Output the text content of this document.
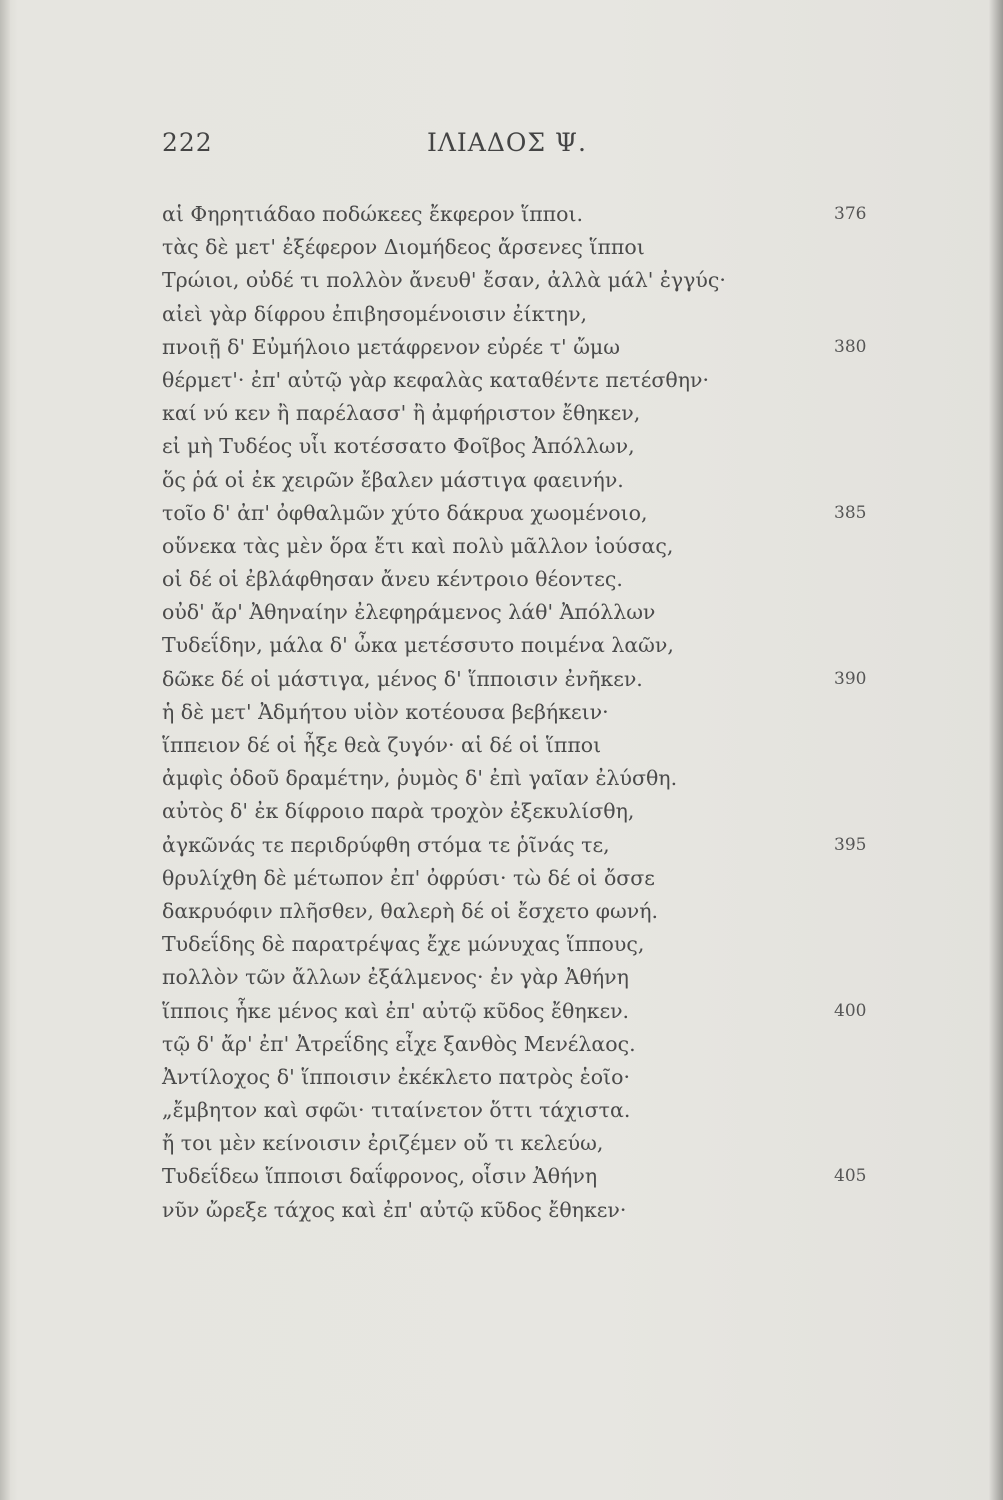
222	ΙΛΙΑΔΟΣ Ψ.
αἱ Φηρητιάδαο ποδώκεες ἔκφερον ἵπποι.	376
τὰς δὲ μετ' ἐξέφερον Διομήδεος ἄρσενες ἵπποι
Τρώιοι, οὐδέ τι πολλὸν ἄνευθ' ἔσαν, ἀλλὰ μάλ' ἐγγύς·
αἰεὶ γὰρ δίφρου ἐπιβησομένοισιν ἐίκτην,
πνοιῇ δ' Εὐμήλοιο μετάφρενον εὐρέε τ' ὤμω	380
θέρμετ'· ἐπ' αὐτῷ γὰρ κεφαλὰς καταθέντε πετέσθην·
καί νύ κεν ἢ παρέλασσ' ἢ ἀμφήριστον ἔθηκεν,
εἰ μὴ Τυδέος υἷι κοτέσσατο Φοῖβος Ἀπόλλων,
ὅς ῥά οἱ ἐκ χειρῶν ἔβαλεν μάστιγα φαεινήν.
τοῖο δ' ἀπ' ὀφθαλμῶν χύτο δάκρυα χωομένοιο,	385
οὕνεκα τὰς μὲν ὅρα ἔτι καὶ πολὺ μᾶλλον ἰούσας,
οἱ δέ οἱ ἐβλάφθησαν ἄνευ κέντροιο θέοντες.
οὐδ' ἄρ' Ἀθηναίην ἐλεφηράμενος λάθ' Ἀπόλλων
Τυδεΐδην, μάλα δ' ὦκα μετέσσυτο ποιμένα λαῶν,
δῶκε δέ οἱ μάστιγα, μένος δ' ἵπποισιν ἐνῆκεν.	390
ἡ δὲ μετ' Ἀδμήτου υἱὸν κοτέουσα βεβήκειν·
ἵππειον δέ οἱ ἦξε θεὰ ζυγόν· αἱ δέ οἱ ἵπποι
ἀμφὶς ὁδοῦ δραμέτην, ῥυμὸς δ' ἐπὶ γαῖαν ἐλύσθη.
αὐτὸς δ' ἐκ δίφροιο παρὰ τροχὸν ἐξεκυλίσθη,
ἀγκῶνάς τε περιδρύφθη στόμα τε ῥῖνάς τε,	395
θρυλίχθη δὲ μέτωπον ἐπ' ὀφρύσι· τὼ δέ οἱ ὄσσε
δακρυόφιν πλῆσθεν, θαλερὴ δέ οἱ ἔσχετο φωνή.
Τυδεΐδης δὲ παρατρέψας ἔχε μώνυχας ἵππους,
πολλὸν τῶν ἄλλων ἐξάλμενος· ἐν γὰρ Ἀθήνη
ἵπποις ἧκε μένος καὶ ἐπ' αὐτῷ κῦδος ἔθηκεν.	400
τῷ δ' ἄρ' ἐπ' Ἀτρεΐδης εἶχε ξανθὸς Μενέλαος.
Ἀντίλοχος δ' ἵπποισιν ἐκέκλετο πατρὸς ἑοῖο·
„ἔμβητον καὶ σφῶι· τιταίνετον ὅττι τάχιστα.
ἤ τοι μὲν κείνοισιν ἐριζέμεν οὔ τι κελεύω,
Τυδεΐδεω ἵπποισι δαΐφρονος, οἷσιν Ἀθήνη	405
νῦν ὤρεξε τάχος καὶ ἐπ' αὐτῷ κῦδος ἔθηκεν·
